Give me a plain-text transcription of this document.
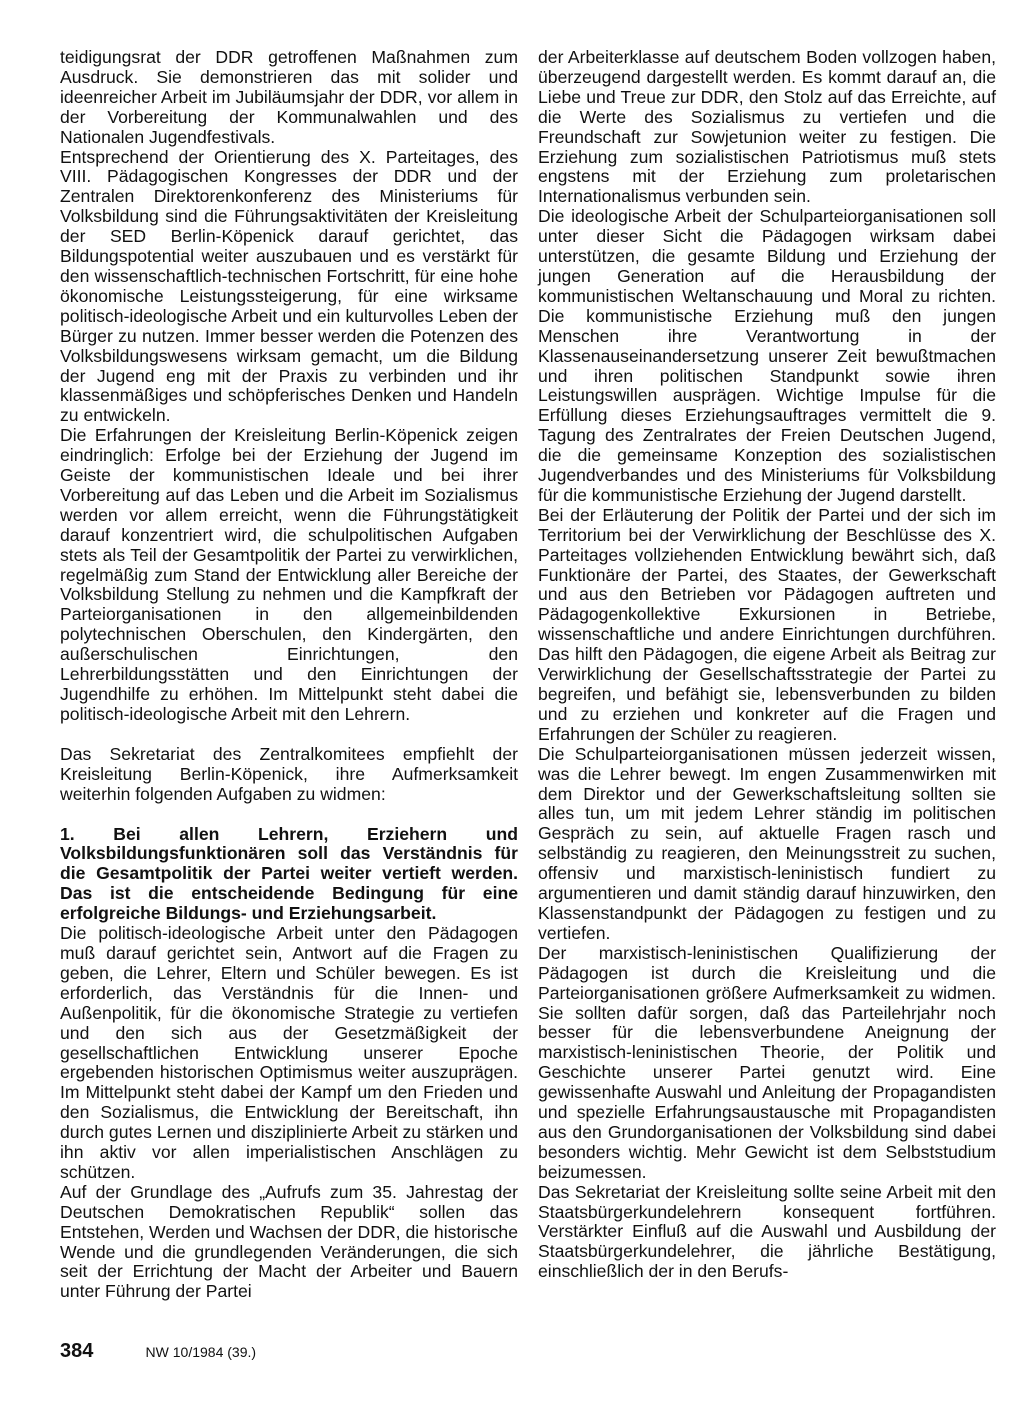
teidigungsrat der DDR getroffenen Maßnahmen zum Ausdruck. Sie demonstrieren das mit solider und ideenreicher Arbeit im Jubiläumsjahr der DDR, vor allem in der Vorbereitung der Kommunalwahlen und des Nationalen Jugendfestivals.

Entsprechend der Orientierung des X. Parteitages, des VIII. Pädagogischen Kongresses der DDR und der Zentralen Direktorenkonferenz des Ministeriums für Volksbildung sind die Führungsaktivitäten der Kreisleitung der SED Berlin-Köpenick darauf gerichtet, das Bildungspotential weiter auszubauen und es verstärkt für den wissenschaftlich-technischen Fortschritt, für eine hohe ökonomische Leistungssteigerung, für eine wirksame politisch-ideologische Arbeit und ein kulturvolles Leben der Bürger zu nutzen. Immer besser werden die Potenzen des Volksbildungswesens wirksam gemacht, um die Bildung der Jugend eng mit der Praxis zu verbinden und ihr klassenmäßiges und schöpferisches Denken und Handeln zu entwickeln.

Die Erfahrungen der Kreisleitung Berlin-Köpenick zeigen eindringlich: Erfolge bei der Erziehung der Jugend im Geiste der kommunistischen Ideale und bei ihrer Vorbereitung auf das Leben und die Arbeit im Sozialismus werden vor allem erreicht, wenn die Führungstätigkeit darauf konzentriert wird, die schulpolitischen Aufgaben stets als Teil der Gesamtpolitik der Partei zu verwirklichen, regelmäßig zum Stand der Entwicklung aller Bereiche der Volksbildung Stellung zu nehmen und die Kampfkraft der Parteiorganisationen in den allgemeinbildenden polytechnischen Oberschulen, den Kindergärten, den außerschulischen Einrichtungen, den Lehrerbildungsstätten und den Einrichtungen der Jugendhilfe zu erhöhen. Im Mittelpunkt steht dabei die politisch-ideologische Arbeit mit den Lehrern.

Das Sekretariat des Zentralkomitees empfiehlt der Kreisleitung Berlin-Köpenick, ihre Aufmerksamkeit weiterhin folgenden Aufgaben zu widmen:

1. Bei allen Lehrern, Erziehern und Volksbildungsfunktionären soll das Verständnis für die Gesamtpolitik der Partei weiter vertieft werden. Das ist die entscheidende Bedingung für eine erfolgreiche Bildungs- und Erziehungsarbeit.

Die politisch-ideologische Arbeit unter den Pädagogen muß darauf gerichtet sein, Antwort auf die Fragen zu geben, die Lehrer, Eltern und Schüler bewegen. Es ist erforderlich, das Verständnis für die Innen- und Außenpolitik, für die ökonomische Strategie zu vertiefen und den sich aus der Gesetzmäßigkeit der gesellschaftlichen Entwicklung unserer Epoche ergebenden historischen Optimismus weiter auszuprägen. Im Mittelpunkt steht dabei der Kampf um den Frieden und den Sozialismus, die Entwicklung der Bereitschaft, ihn durch gutes Lernen und disziplinierte Arbeit zu stärken und ihn aktiv vor allen imperialistischen Anschlägen zu schützen.

Auf der Grundlage des „Aufrufs zum 35. Jahrestag der Deutschen Demokratischen Republik“ sollen das Entstehen, Werden und Wachsen der DDR, die historische Wende und die grundlegenden Veränderungen, die sich seit der Errichtung der Macht der Arbeiter und Bauern unter Führung der Partei

der Arbeiterklasse auf deutschem Boden vollzogen haben, überzeugend dargestellt werden. Es kommt darauf an, die Liebe und Treue zur DDR, den Stolz auf das Erreichte, auf die Werte des Sozialismus zu vertiefen und die Freundschaft zur Sowjetunion weiter zu festigen. Die Erziehung zum sozialistischen Patriotismus muß stets engstens mit der Erziehung zum proletarischen Internationalismus verbunden sein.

Die ideologische Arbeit der Schulparteiorganisationen soll unter dieser Sicht die Pädagogen wirksam dabei unterstützen, die gesamte Bildung und Erziehung der jungen Generation auf die Herausbildung der kommunistischen Weltanschauung und Moral zu richten. Die kommunistische Erziehung muß den jungen Menschen ihre Verantwortung in der Klassenauseinandersetzung unserer Zeit bewußtmachen und ihren politischen Standpunkt sowie ihren Leistungswillen ausprägen. Wichtige Impulse für die Erfüllung dieses Erziehungsauftrages vermittelt die 9. Tagung des Zentralrates der Freien Deutschen Jugend, die die gemeinsame Konzeption des sozialistischen Jugendverbandes und des Ministeriums für Volksbildung für die kommunistische Erziehung der Jugend darstellt.

Bei der Erläuterung der Politik der Partei und der sich im Territorium bei der Verwirklichung der Beschlüsse des X. Parteitages vollziehenden Entwicklung bewährt sich, daß Funktionäre der Partei, des Staates, der Gewerkschaft und aus den Betrieben vor Pädagogen auftreten und Pädagogenkollektive Exkursionen in Betriebe, wissenschaftliche und andere Einrichtungen durchführen. Das hilft den Pädagogen, die eigene Arbeit als Beitrag zur Verwirklichung der Gesellschaftsstrategie der Partei zu begreifen, und befähigt sie, lebensverbunden zu bilden und zu erziehen und konkreter auf die Fragen und Erfahrungen der Schüler zu reagieren.

Die Schulparteiorganisationen müssen jederzeit wissen, was die Lehrer bewegt. Im engen Zusammenwirken mit dem Direktor und der Gewerkschaftsleitung sollten sie alles tun, um mit jedem Lehrer ständig im politischen Gespräch zu sein, auf aktuelle Fragen rasch und selbständig zu reagieren, den Meinungsstreit zu suchen, offensiv und marxistisch-leninistisch fundiert zu argumentieren und damit ständig darauf hinzuwirken, den Klassenstandpunkt der Pädagogen zu festigen und zu vertiefen.

Der marxistisch-leninistischen Qualifizierung der Pädagogen ist durch die Kreisleitung und die Parteiorganisationen größere Aufmerksamkeit zu widmen. Sie sollten dafür sorgen, daß das Parteilehrjahr noch besser für die lebensverbundene Aneignung der marxistisch-leninistischen Theorie, der Politik und Geschichte unserer Partei genutzt wird. Eine gewissenhafte Auswahl und Anleitung der Propagandisten und spezielle Erfahrungsaustausche mit Propagandisten aus den Grundorganisationen der Volksbildung sind dabei besonders wichtig. Mehr Gewicht ist dem Selbststudium beizumessen.

Das Sekretariat der Kreisleitung sollte seine Arbeit mit den Staatsbürgerkundelehrern konsequent fortführen. Verstärkter Einfluß auf die Auswahl und Ausbildung der Staatsbürgerkundelehrer, die jährliche Bestätigung, einschließlich der in den Berufs-

384	NW 10/1984 (39.)
